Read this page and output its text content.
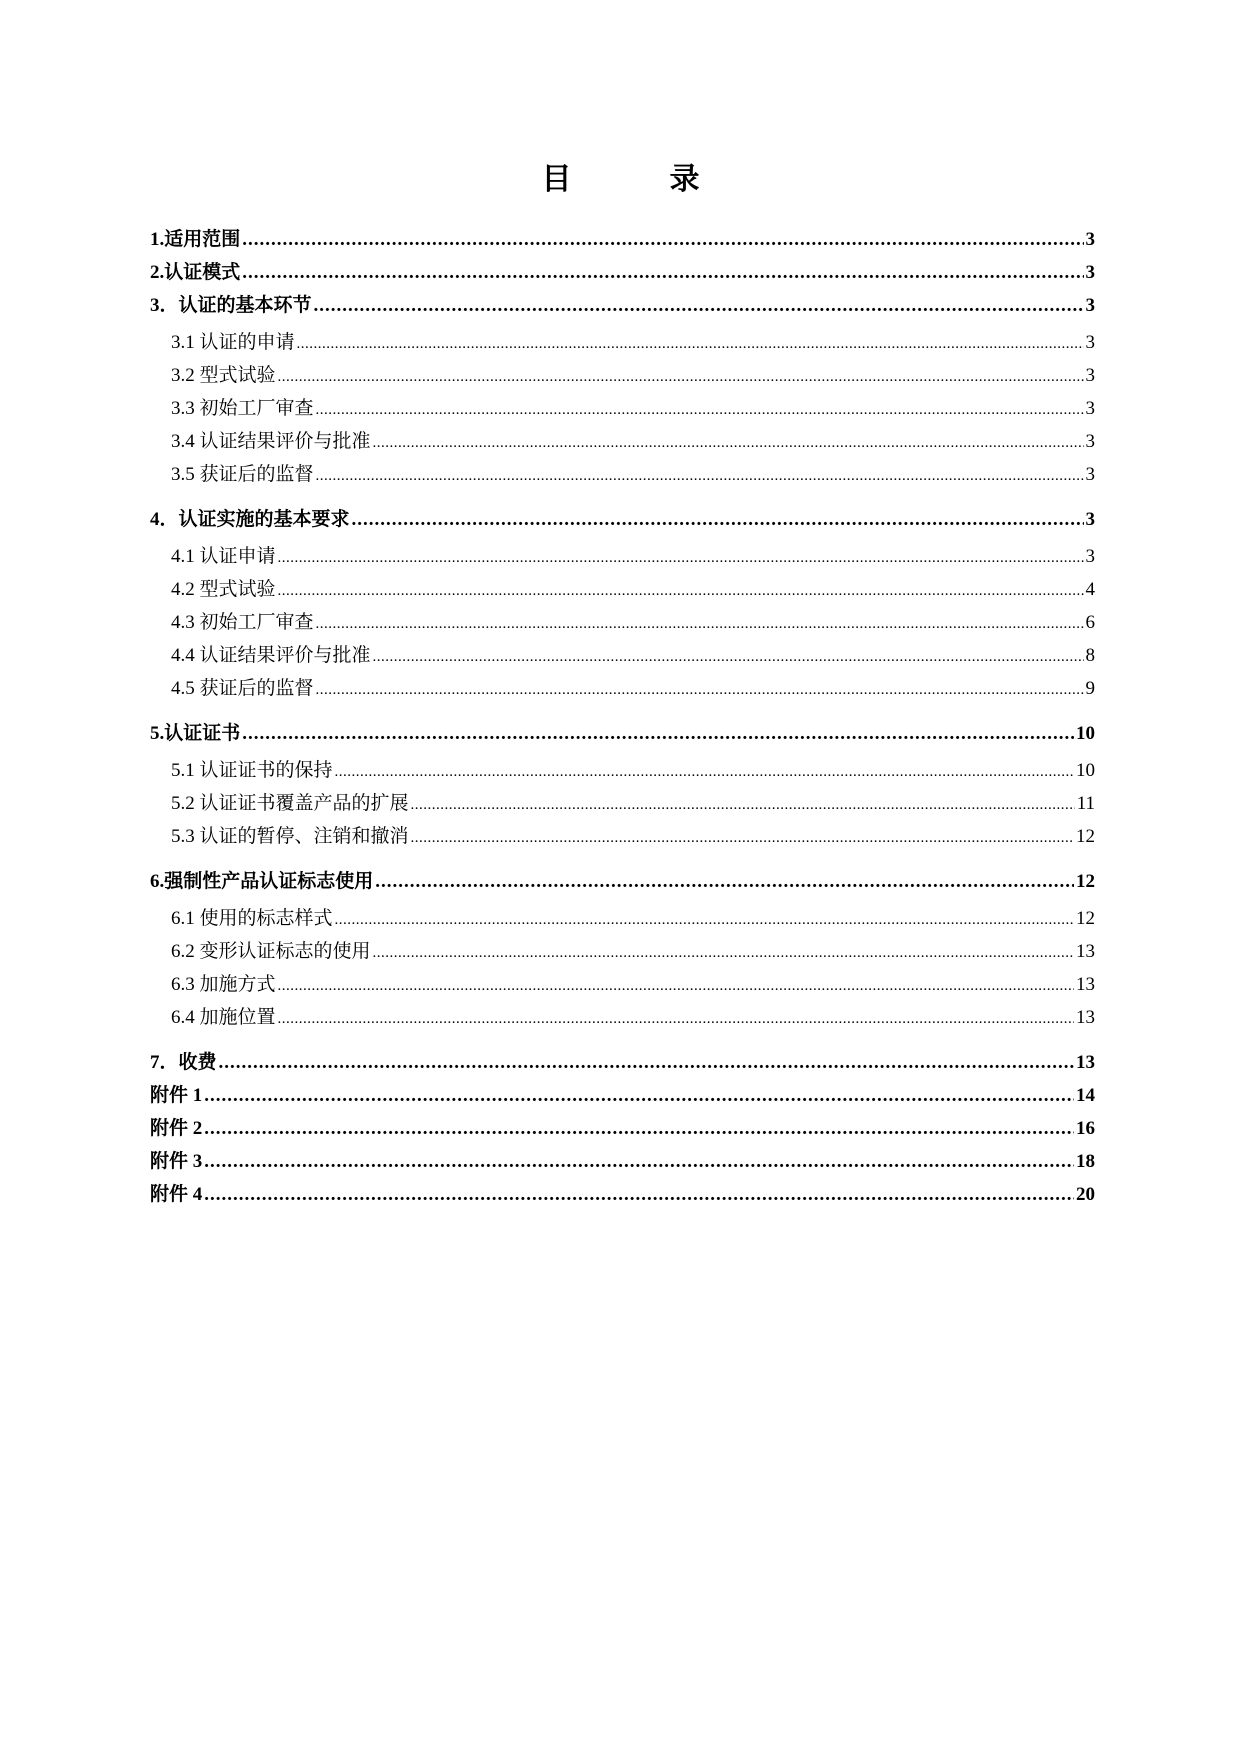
目　录
1.适用范围 .....	3
2.认证模式 .....	3
3．认证的基本环节 .....	3
3.1 认证的申请 .....	3
3.2 型式试验 .....	3
3.3 初始工厂审查 .....	3
3.4 认证结果评价与批准 .....	3
3.5 获证后的监督 .....	3
4．认证实施的基本要求 .....	3
4.1 认证申请 .....	3
4.2 型式试验 .....	4
4.3 初始工厂审查 .....	6
4.4 认证结果评价与批准 .....	8
4.5 获证后的监督 .....	9
5.认证证书 .....	10
5.1 认证证书的保持 .....	10
5.2 认证证书覆盖产品的扩展 .....	11
5.3 认证的暂停、注销和撤消 .....	12
6.强制性产品认证标志使用 .....	12
6.1 使用的标志样式 .....	12
6.2 变形认证标志的使用 .....	13
6.3 加施方式 .....	13
6.4 加施位置 .....	13
7．收费 .....	13
附件 1 .....	14
附件 2 .....	16
附件 3 .....	18
附件 4 .....	20
